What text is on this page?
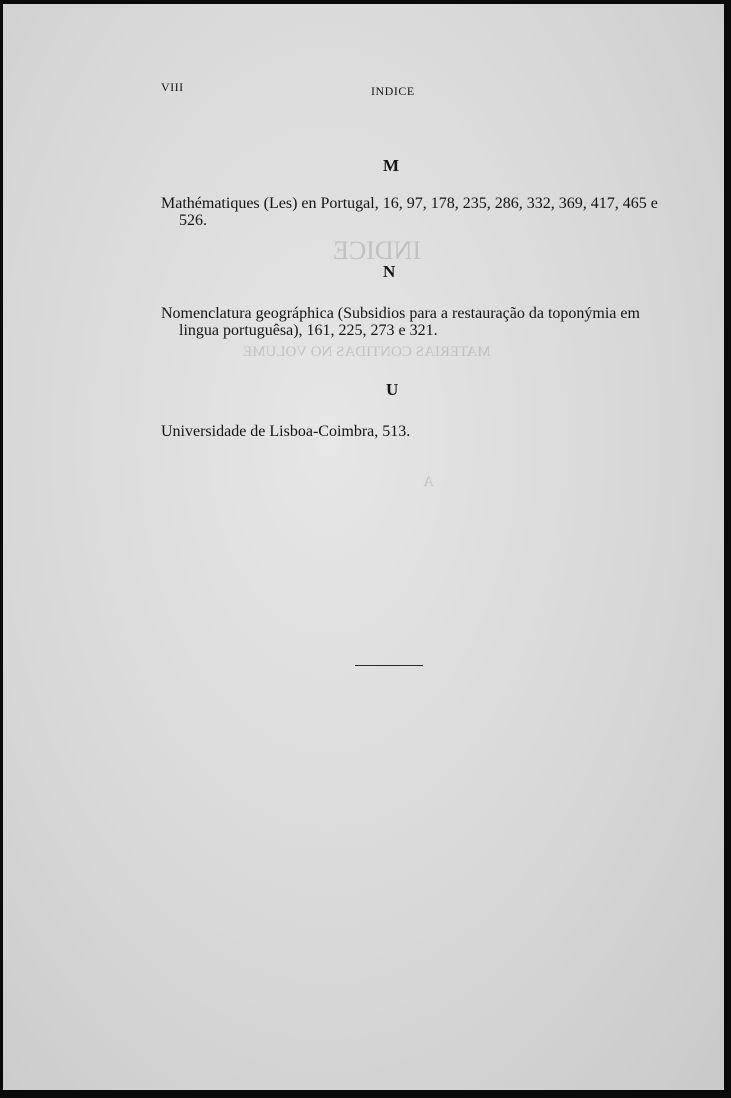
INDICE
MATERIAS CONTIDAS NO VOLUME
A

VIII	INDICE
M
Mathématiques (Les) en Portugal, 16, 97, 178, 235, 286, 332, 369, 417, 465 e 526.
N
Nomenclatura geográphica (Subsidios para a restauração da toponýmia em lingua portuguêsa), 161, 225, 273 e 321.
U
Universidade de Lisboa-Coimbra, 513.
